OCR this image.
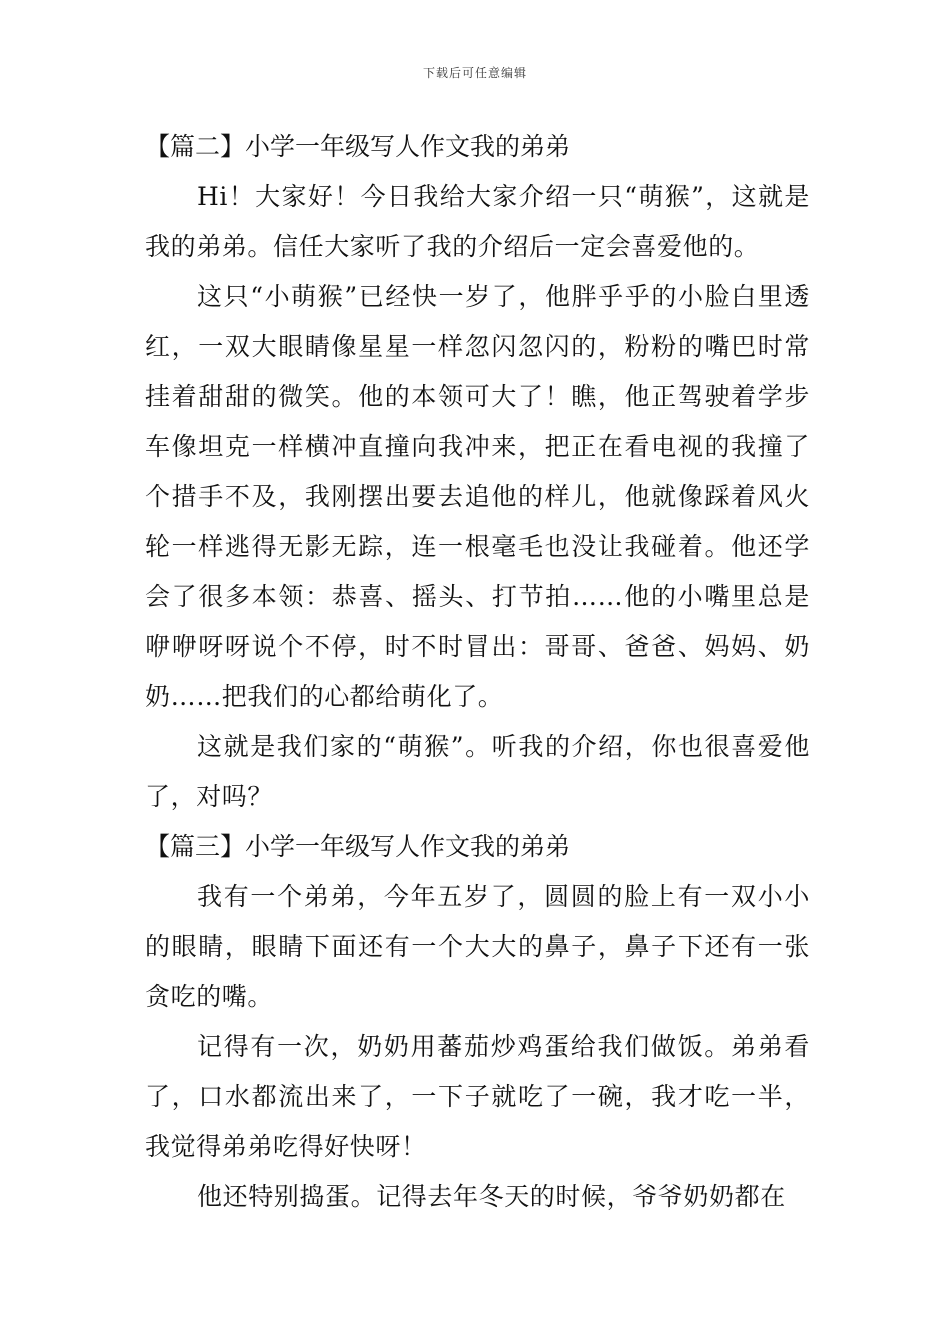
下载后可任意编辑

【篇二】小学一年级写人作文我的弟弟

Hi！大家好！今日我给大家介绍一只“萌猴”，这就是我的弟弟。信任大家听了我的介绍后一定会喜爱他的。

这只“小萌猴”已经快一岁了，他胖乎乎的小脸白里透红，一双大眼睛像星星一样忽闪忽闪的，粉粉的嘴巴时常挂着甜甜的微笑。他的本领可大了！瞧，他正驾驶着学步车像坦克一样横冲直撞向我冲来，把正在看电视的我撞了个措手不及，我刚摆出要去追他的样儿，他就像踩着风火轮一样逃得无影无踪，连一根毫毛也没让我碰着。他还学会了很多本领：恭喜、摇头、打节拍……他的小嘴里总是咿咿呀呀说个不停，时不时冒出：哥哥、爸爸、妈妈、奶奶……把我们的心都给萌化了。

这就是我们家的“萌猴”。听我的介绍，你也很喜爱他了，对吗？

【篇三】小学一年级写人作文我的弟弟

我有一个弟弟，今年五岁了，圆圆的脸上有一双小小的眼睛，眼睛下面还有一个大大的鼻子，鼻子下还有一张贪吃的嘴。

记得有一次，奶奶用蕃茄炒鸡蛋给我们做饭。弟弟看了，口水都流出来了，一下子就吃了一碗，我才吃一半，我觉得弟弟吃得好快呀！

他还特别捣蛋。记得去年冬天的时候，爷爷奶奶都在
